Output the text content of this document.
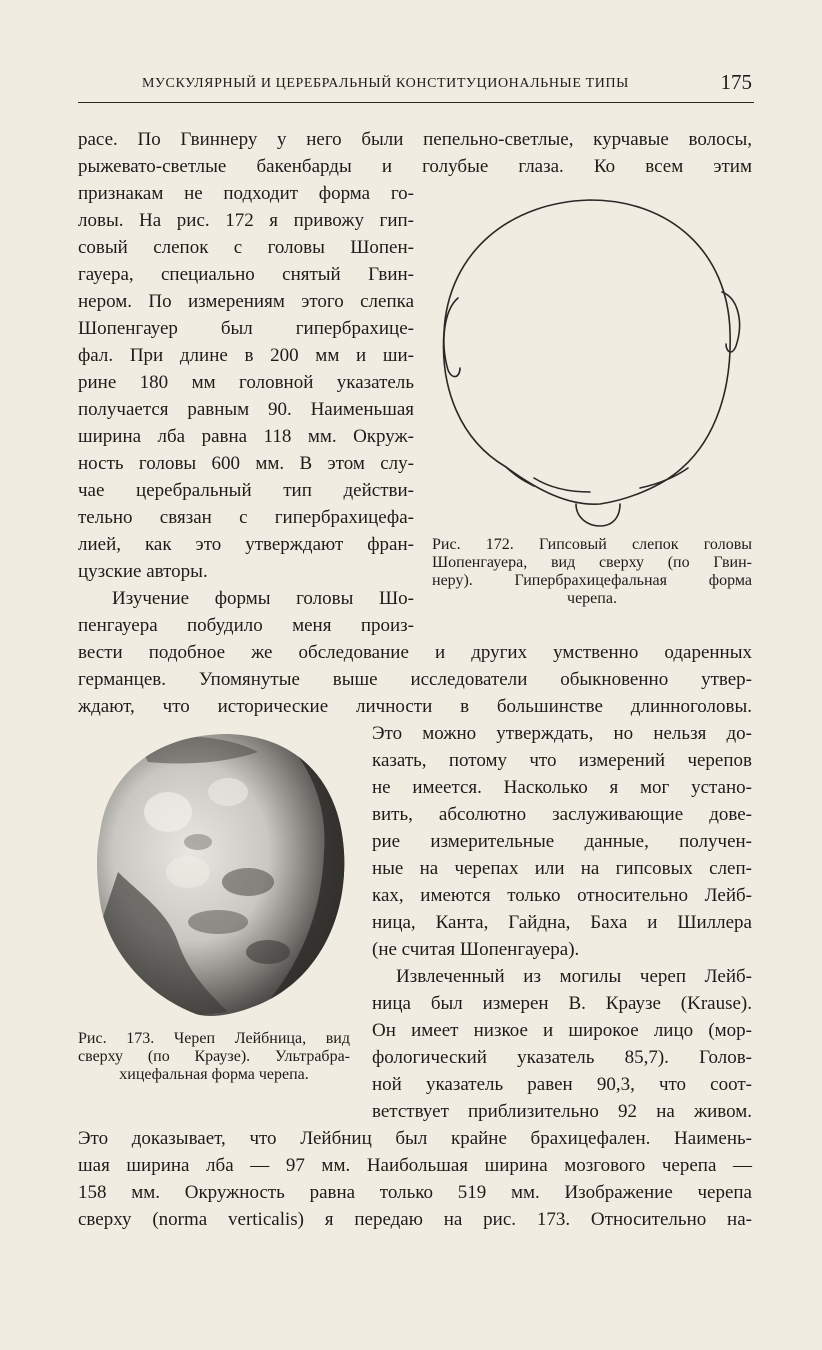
МУСКУЛЯРНЫЙ И ЦЕРЕБРАЛЬНЫЙ КОНСТИТУЦИОНАЛЬНЫЕ ТИПЫ	175
расе. По Гвиннеру у него были пепельно-светлые, курчавые волосы,
рыжевато-светлые бакенбарды и голубые глаза. Ко всем этим
признакам не подходит форма го-
ловы. На рис. 172 я привожу гип-
совый слепок с головы Шопен-
гауера, специально снятый Гвин-
нером. По измерениям этого слепка
Шопенгауер был гипербрахице-
фал. При длине в 200 мм и ши-
рине 180 мм головной указатель
получается равным 90. Наименьшая
ширина лба равна 118 мм. Окруж-
ность головы 600 мм. В этом слу-
чае церебральный тип действи-
тельно связан с гипербрахицефа-
лией, как это утверждают фран-
цузские авторы.
Изучение формы головы Шо-
пенгауера побудило меня произ-
вести подобное же обследование и других умственно одаренных
германцев. Упомянутые выше исследователи обыкновенно утвер-
ждают, что исторические личности в большинстве длинноголовы.
Это можно утверждать, но нельзя до-
казать, потому что измерений черепов
не имеется. Насколько я мог устано-
вить, абсолютно заслуживающие дове-
рие измерительные данные, получен-
ные на черепах или на гипсовых слеп-
ках, имеются только относительно Лейб-
ница, Канта, Гайдна, Баха и Шиллера
(не считая Шопенгауера).
Извлеченный из могилы череп Лейб-
ница был измерен В. Краузе (Krause).
Он имеет низкое и широкое лицо (мор-
фологический указатель 85,7). Голов-
ной указатель равен 90,3, что соот-
ветствует приблизительно 92 на живом.
Это доказывает, что Лейбниц был крайне брахицефален. Наимень-
шая ширина лба — 97 мм. Наибольшая ширина мозгового черепа —
158 мм. Окружность равна только 519 мм. Изображение черепа
сверху (norma verticalis) я передаю на рис. 173. Относительно на-
Рис. 172. Гипсовый слепок головы
Шопенгауера, вид сверху (по Гвин-
неру). Гипербрахицефальная форма
черепа.
Рис. 173. Череп Лейбница, вид
сверху (по Краузе). Ультрабра-
хицефальная форма черепа.
